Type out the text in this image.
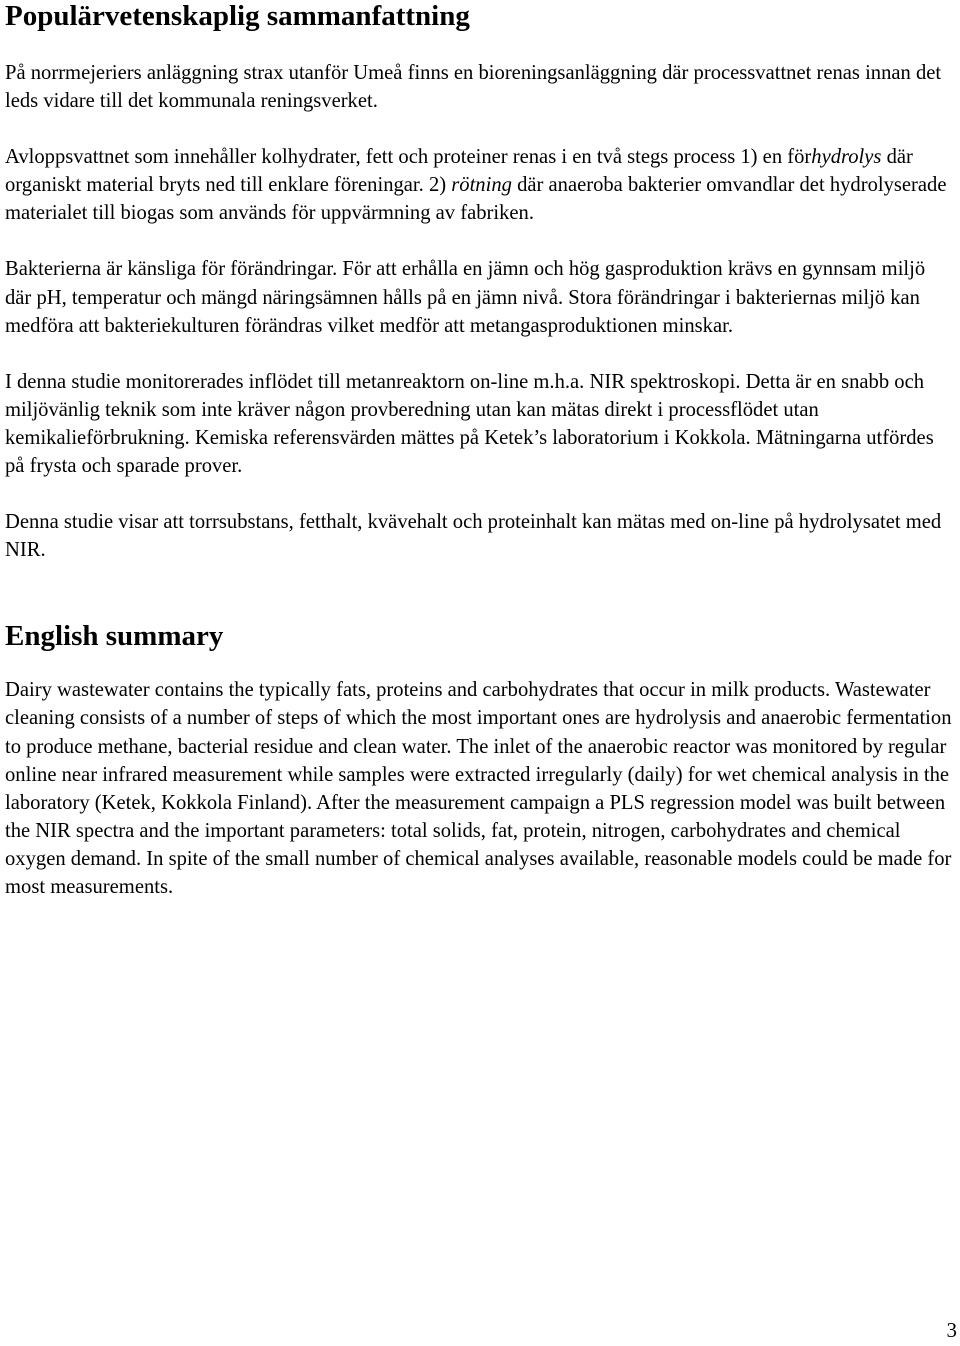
Populärvetenskaplig sammanfattning

På norrmejeriers anläggning strax utanför Umeå finns en bioreningsanläggning där processvattnet renas innan det leds vidare till det kommunala reningsverket.

Avloppsvattnet som innehåller kolhydrater, fett och proteiner renas i en två stegs process 1) en förhydrolys där organiskt material bryts ned till enklare föreningar. 2) rötning där anaeroba bakterier omvandlar det hydrolyserade materialet till biogas som används för uppvärmning av fabriken.

Bakterierna är känsliga för förändringar. För att erhålla en jämn och hög gasproduktion krävs en gynnsam miljö där pH, temperatur och mängd näringsämnen hålls på en jämn nivå. Stora förändringar i bakteriernas miljö kan medföra att bakteriekulturen förändras vilket medför att metangasproduktionen minskar.

I denna studie monitorerades inflödet till metanreaktorn on-line m.h.a. NIR spektroskopi. Detta är en snabb och miljövänlig teknik som inte kräver någon provberedning utan kan mätas direkt i processflödet utan kemikalieförbrukning. Kemiska referensvärden mättes på Ketek’s laboratorium i Kokkola. Mätningarna utfördes på frysta och sparade prover.

Denna studie visar att torrsubstans, fetthalt, kvävehalt och proteinhalt kan mätas med on-line på hydrolysatet med NIR.

English summary

Dairy wastewater contains the typically fats, proteins and carbohydrates that occur in milk products. Wastewater cleaning consists of a number of steps of which the most important ones are hydrolysis and anaerobic fermentation to produce methane, bacterial residue and clean water. The inlet of the anaerobic reactor was monitored by regular online near infrared measurement while samples were extracted irregularly (daily) for wet chemical analysis in the laboratory (Ketek, Kokkola Finland). After the measurement campaign a PLS regression model was built between the NIR spectra and the important parameters: total solids, fat, protein, nitrogen, carbohydrates and chemical oxygen demand. In spite of the small number of chemical analyses available, reasonable models could be made for most measurements.

3
